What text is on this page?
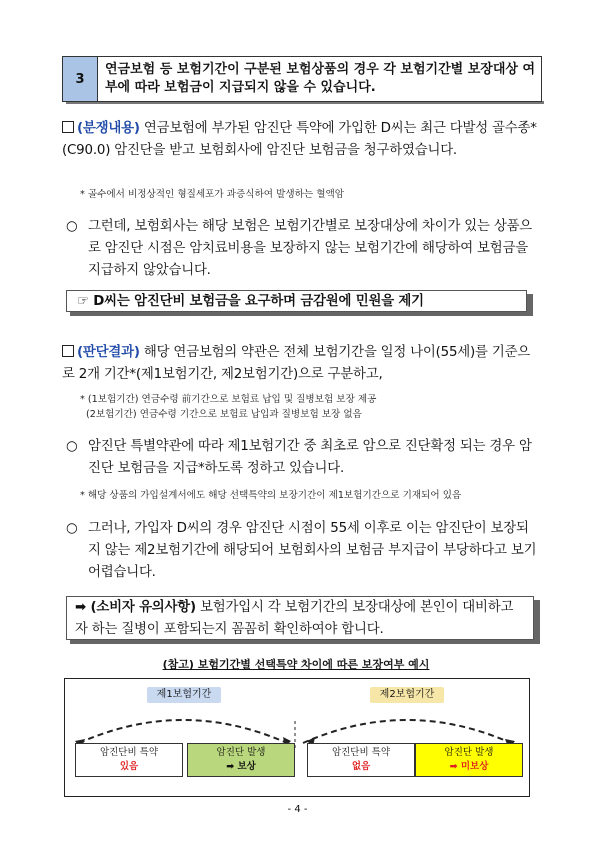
3
연금보험 등 보험기간이 구분된 보험상품의 경우 각 보험기간별 보장대상 여부에 따라 보험금이 지급되지 않을 수 있습니다.
(분쟁내용) 연금보험에 부가된 암진단 특약에 가입한 D씨는 최근 다발성 골수종*(C90.0) 암진단을 받고 보험회사에 암진단 보험금을 청구하였습니다.
* 골수에서 비정상적인 형질세포가 과증식하여 발생하는 혈액암
○ 그런데, 보험회사는 해당 보험은 보험기간별로 보장대상에 차이가 있는 상품으로 암진단 시점은 암치료비용을 보장하지 않는 보험기간에 해당하여 보험금을 지급하지 않았습니다.
☞ D씨는 암진단비 보험금을 요구하며 금감원에 민원을 제기
(판단결과) 해당 연금보험의 약관은 전체 보험기간을 일정 나이(55세)를 기준으로 2개 기간*(제1보험기간, 제2보험기간)으로 구분하고,
* (1보험기간) 연금수령 前기간으로 보험료 납입 및 질병보험 보장 제공
(2보험기간) 연금수령 기간으로 보험료 납입과 질병보험 보장 없음
○ 암진단 특별약관에 따라 제1보험기간 중 최초로 암으로 진단확정 되는 경우 암진단 보험금을 지급*하도록 정하고 있습니다.
* 해당 상품의 가입설계서에도 해당 선택특약의 보장기간이 제1보험기간으로 기재되어 있음
○ 그러나, 가입자 D씨의 경우 암진단 시점이 55세 이후로 이는 암진단이 보장되지 않는 제2보험기간에 해당되어 보험회사의 보험금 부지급이 부당하다고 보기 어렵습니다.
➡ (소비자 유의사항) 보험가입시 각 보험기간의 보장대상에 본인이 대비하고자 하는 질병이 포함되는지 꼼꼼히 확인하여야 합니다.
(참고) 보험기간별 선택특약 차이에 따른 보장여부 예시
제1보험기간	제2보험기간
암진단비 특약
있음
암진단 발생
➡ 보상
암진단비 특약
없음
암진단 발생
➡ 미보상
- 4 -
